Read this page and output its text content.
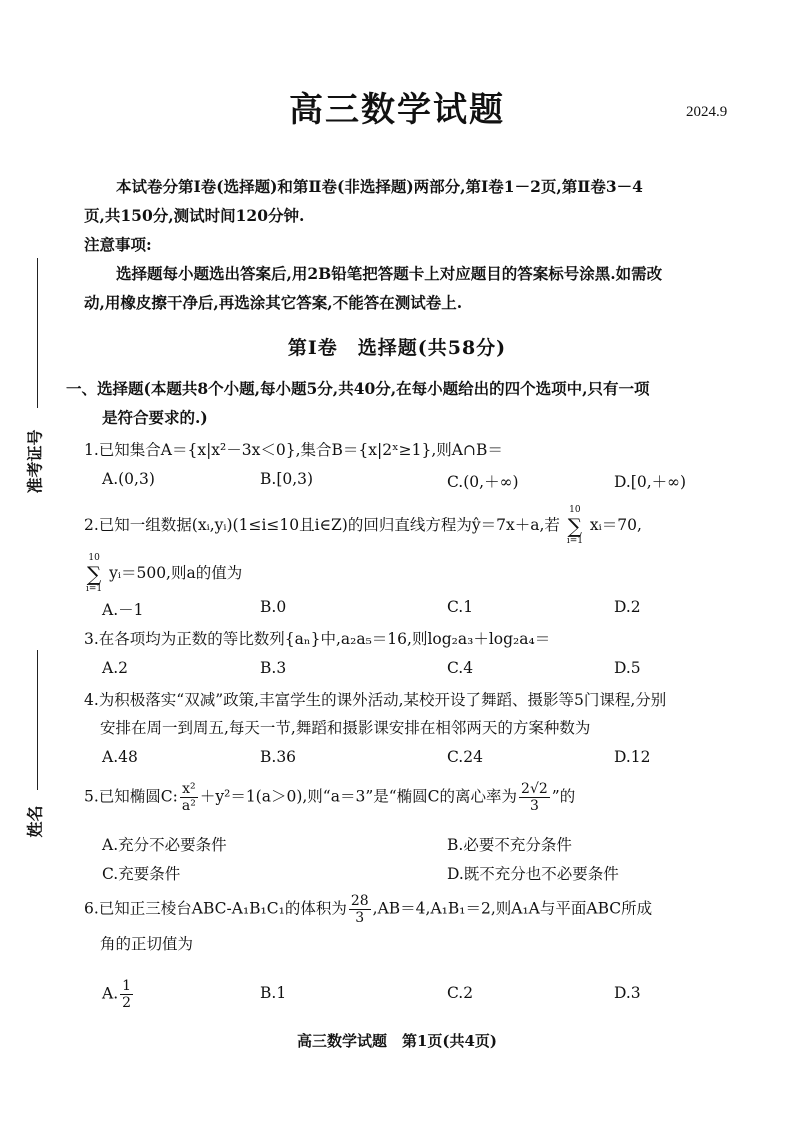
准考证号
姓名
高三数学试题	2024.9
本试卷分第Ⅰ卷(选择题)和第Ⅱ卷(非选择题)两部分,第Ⅰ卷1－2页,第Ⅱ卷3－4
页,共150分,测试时间120分钟.
注意事项:
选择题每小题选出答案后,用2B铅笔把答题卡上对应题目的答案标号涂黑.如需改
动,用橡皮擦干净后,再选涂其它答案,不能答在测试卷上.
第Ⅰ卷　选择题(共58分)
一、选择题(本题共8个小题,每小题5分,共40分,在每小题给出的四个选项中,只有一项
是符合要求的.)
1.已知集合A＝{x|x²－3x＜0},集合B＝{x|2ˣ≥1},则A∩B＝
A.(0,3)	B.[0,3)	C.(0,＋∞)	D.[0,＋∞)
2.已知一组数据(xᵢ,yᵢ)(1≤i≤10且i∈Z)的回归直线方程为ŷ＝7x＋a,若
10
∑
i=1
xᵢ＝70,
10
∑
i=1
yᵢ＝500,则a的值为
A.－1	B.0	C.1	D.2
3.在各项均为正数的等比数列{aₙ}中,a₂a₅＝16,则log₂a₃＋log₂a₄＝
A.2	B.3	C.4	D.5
4.为积极落实“双减”政策,丰富学生的课外活动,某校开设了舞蹈、摄影等5门课程,分别
安排在周一到周五,每天一节,舞蹈和摄影课安排在相邻两天的方案种数为
A.48	B.36	C.24	D.12
5.已知椭圆C: $\frac{\text{x²}}{\text{a²}} +y^2=1(a>0)$,则“a＝3”是“椭圆C的离心率为 $\frac{2√2}{3}$ ”的
A.充分不必要条件	B.必要不充分条件
C.充要条件	D.既不充分也不必要条件
6.已知正三棱台ABC-A₁B₁C₁的体积为 $\frac{28}{3} ,AB=4,A_1B_1=2$,则A₁A与平面ABC所成
角的正切值为
A. $\frac{1}{2}$	B.1	C.2	D.3
高三数学试题　第1页(共4页)
